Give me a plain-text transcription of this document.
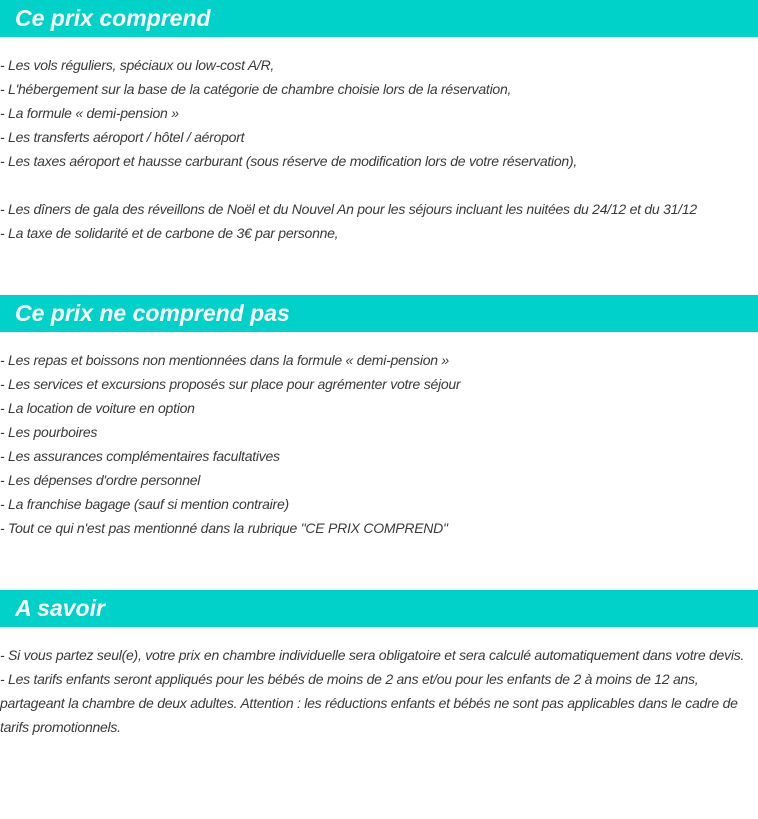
Ce prix comprend
- Les vols réguliers, spéciaux ou low-cost A/R,
- L'hébergement sur la base de la catégorie de chambre choisie lors de la réservation,
- La formule « demi-pension »
- Les transferts aéroport / hôtel / aéroport
- Les taxes aéroport et hausse carburant (sous réserve de modification lors de votre réservation),
- Les dîners de gala des réveillons de Noël et du Nouvel An pour les séjours incluant les nuitées du 24/12 et du 31/12
- La taxe de solidarité et de carbone de 3€ par personne,
Ce prix ne comprend pas
- Les repas et boissons non mentionnées dans la formule « demi-pension »
- Les services et excursions proposés sur place pour agrémenter votre séjour
- La location de voiture en option
- Les pourboires
- Les assurances complémentaires facultatives
- Les dépenses d'ordre personnel
- La franchise bagage (sauf si mention contraire)
- Tout ce qui n'est pas mentionné dans la rubrique "CE PRIX COMPREND"
A savoir
- Si vous partez seul(e), votre prix en chambre individuelle sera obligatoire et sera calculé automatiquement dans votre devis.
- Les tarifs enfants seront appliqués pour les bébés de moins de 2 ans et/ou pour les enfants de 2 à moins de 12 ans, partageant la chambre de deux adultes. Attention : les réductions enfants et bébés ne sont pas applicables dans le cadre de tarifs promotionnels.
